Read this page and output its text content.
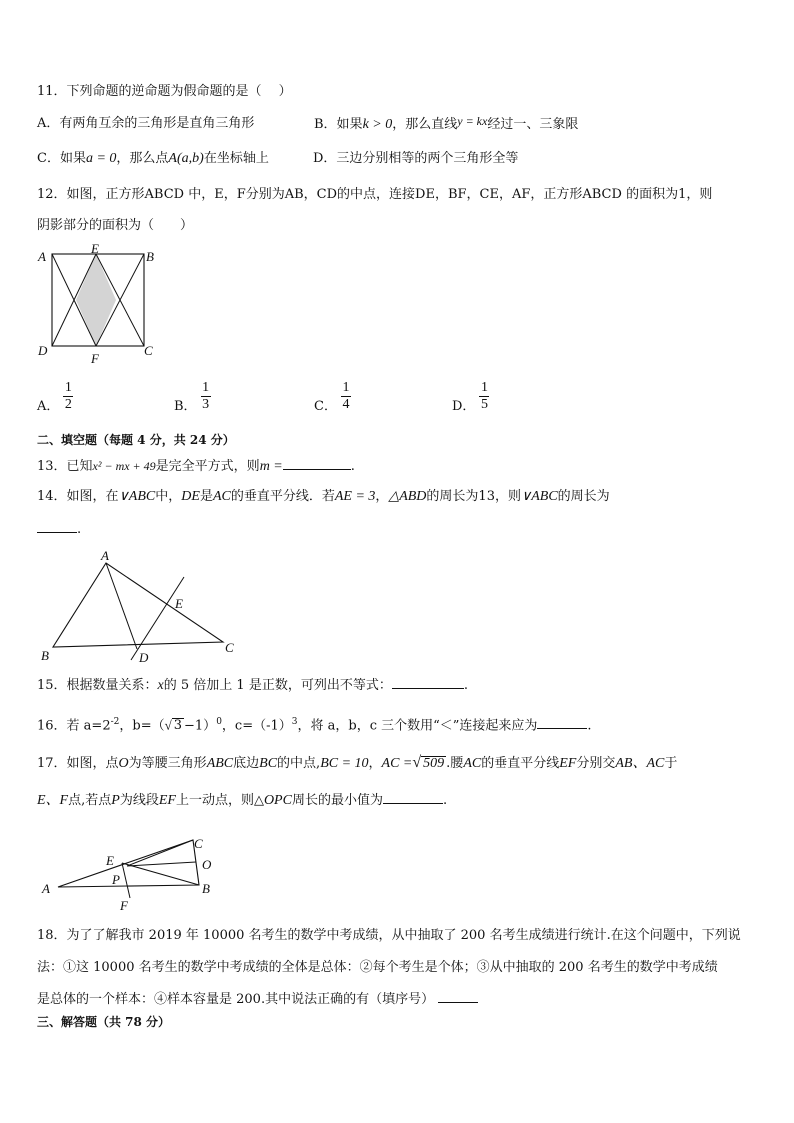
11．下列命题的逆命题为假命题的是（　 ）
A．有两角互余的三角形是直角三角形	B．如果k > 0，那么直线y = kx经过一、三象限
C．如果a = 0，那么点A(a,b)在坐标轴上	D．三边分别相等的两个三角形全等
12．如图，正方形ABCD 中，E，F分别为AB，CD的中点，连接DE，BF，CE，AF，正方形ABCD 的面积为1，则
阴影部分的面积为（　　）
A
E
B
D
F
C
A． $\frac{1}{2}$	B． $\frac{1}{3}$	C． $\frac{1}{4}$	D． $\frac{1}{5}$
二、填空题（每题 4 分，共 24 分）
13．已知x² − mx + 49是完全平方式，则m =	.
14．如图，在∨ABC中，DE是AC的垂直平分线．若AE = 3，△ABD的周长为13，则∨ABC的周长为
.
A
B
C
D
E
15．根据数量关系：x的 5 倍加上 1 是正数，可列出不等式：	.
16．若 $a=2^{-2}$，b=（√ 3 −1）$^0$，$c=(-1)^3$，将 a，b，c 三个数用“＜”连接起来应为	.
17．如图，点O为等腰三角形ABC底边BC的中点,BC = 10，AC =√ 509 .腰AC的垂直平分线EF分别交AB、AC于
E、F点,若点P为线段EF上一动点，则△OPC周长的最小值为	.
A	B
C
E	O
P
F
18．为了了解我市 2019 年 10000 名考生的数学中考成绩，从中抽取了 200 名考生成绩进行统计.在这个问题中，下列说
法：①这 10000 名考生的数学中考成绩的全体是总体：②每个考生是个体；③从中抽取的 200 名考生的数学中考成绩
是总体的一个样本：④样本容量是 200.其中说法正确的有（填序号）
三、解答题（共 78 分）
